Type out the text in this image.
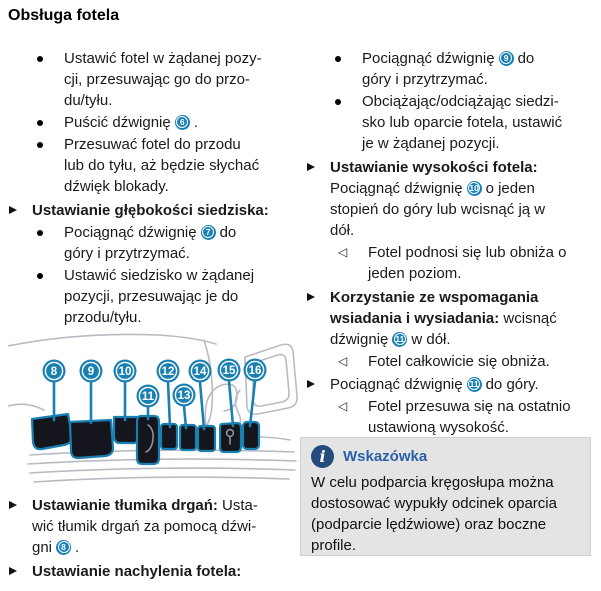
Obsługa fotela
Ustawić fotel w żądanej pozy-
cji, przesuwając go do przo-
du/tyłu.
Puścić dźwignię	6 .
Przesuwać fotel do przodu
lub do tyłu, aż będzie słychać
dźwięk blokady.
Ustawianie głębokości siedziska:
Pociągnąć dźwignię	7 do
góry i przytrzymać.
Ustawić siedzisko w żądanej
pozycji, przesuwając je do
przodu/tyłu.
8	9 10
11
12
13
14 15 16
Ustawianie tłumika drgań: Usta-
wić tłumik drgań za pomocą dźwi-
gni	8 .
Ustawianie nachylenia fotela:
Pociągnąć dźwignię	9 do
góry i przytrzymać.
Obciążając/odciążając siedzi-
sko lub oparcie fotela, ustawić
je w żądanej pozycji.
Ustawianie wysokości fotela:
Pociągnąć dźwignię 10 o jeden
stopień do góry lub wcisnąć ją w
dół.
◁ Fotel podnosi się lub obniża o
jeden poziom.
Korzystanie ze wspomagania
wsiadania i wysiadania: wcisnąć
dźwignię 11 w dół.
◁ Fotel całkowicie się obniża.
Pociągnąć dźwignię 11 do góry.
◁ Fotel przesuwa się na ostatnio
ustawioną wysokość.
i	Wskazówka
W celu podparcia kręgosłupa można
dostosować wypukły odcinek oparcia
(podparcie lędźwiowe) oraz boczne
profile.
